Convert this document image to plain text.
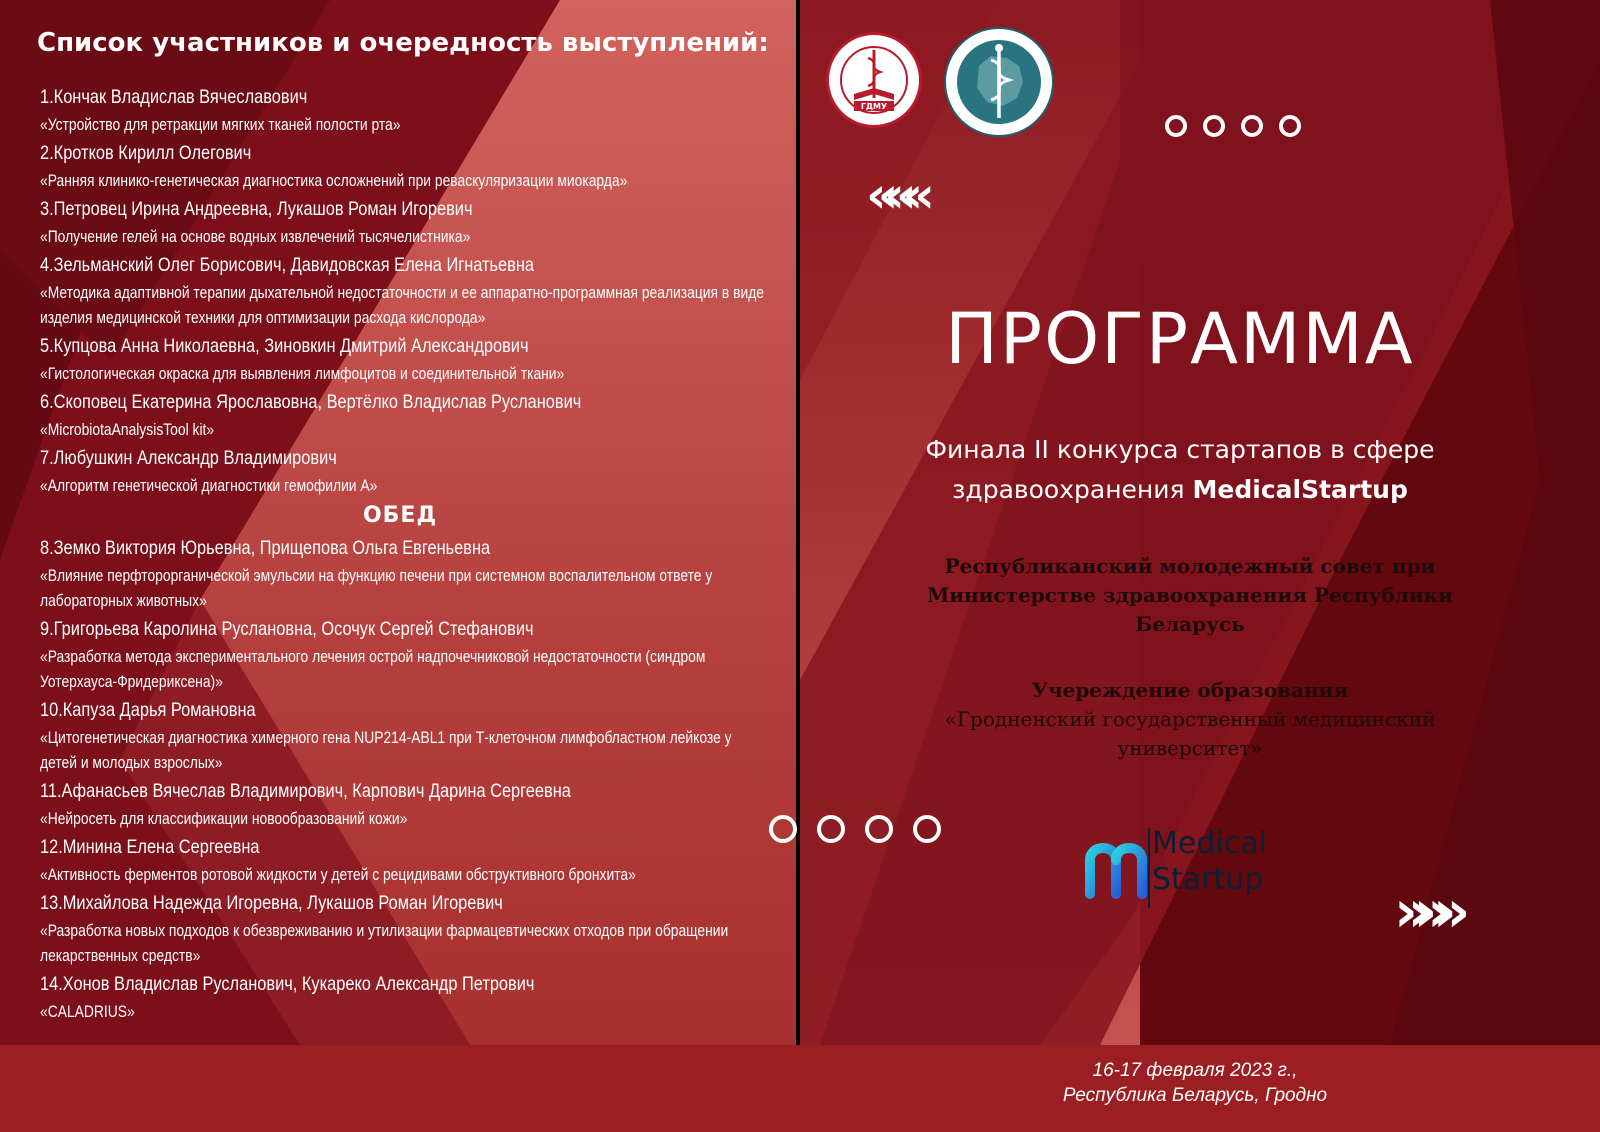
Список участников и очередность выступлений:
1.Кончак Владислав Вячеславович
«Устройство для ретракции мягких тканей полости рта»
2.Кротков Кирилл Олегович
«Ранняя клинико-генетическая диагностика осложнений при реваскуляризации миокарда»
3.Петровец Ирина Андреевна, Лукашов Роман Игоревич
«Получение гелей на основе водных извлечений тысячелистника»
4.Зельманский Олег Борисович, Давидовская Елена Игнатьевна
«Методика адаптивной терапии дыхательной недостаточности и ее аппаратно-программная реализация в виде изделия медицинской техники для оптимизации расхода кислорода»
5.Купцова Анна Николаевна, Зиновкин Дмитрий Александрович
«Гистологическая окраска для выявления лимфоцитов и соединительной ткани»
6.Скоповец Екатерина Ярославовна, Вертёлко Владислав Русланович
«MicrobiotaAnalysisTool kit»
7.Любушкин Александр Владимирович
«Алгоритм генетической диагностики гемофилии А»
ОБЕД
8.Земко Виктория Юрьевна, Прищепова Ольга Евгеньевна
«Влияние перфторорганической эмульсии на функцию печени при системном воспалительном ответе у лабораторных животных»
9.Григорьева Каролина Руслановна, Осочук Сергей Стефанович
«Разработка метода экспериментального лечения острой надпочечниковой недостаточности (синдром Уотерхауса-Фридериксена)»
10.Капуза Дарья Романовна
«Цитогенетическая диагностика химерного гена NUP214-ABL1 при Т-клеточном лимфобластном лейкозе у детей и молодых взрослых»
11.Афанасьев Вячеслав Владимирович, Карпович Дарина Сергеевна
«Нейросеть для классификации новообразований кожи»
12.Минина Елена Сергеевна
«Активность ферментов ротовой жидкости у детей с рецидивами обструктивного бронхита»
13.Михайлова Надежда Игоревна, Лукашов Роман Игоревич
«Разработка новых подходов к обезвреживанию и утилизации фармацевтических отходов при обращении лекарственных средств»
14.Хонов Владислав Русланович, Кукареко Александр Петрович
«CALADRIUS»
ГДМУ
«««
ПРОГРАММА
Финала II конкурса стартапов в сфере здравоохранения MedicalStartup
Республиканский молодежный совет при Министерстве здравоохранения Республики Беларусь
Учереждение образования
«Гродненский государственный медицинский университет»
Medical
Startup »»»
16-17 февраля 2023 г.,
Республика Беларусь, Гродно
